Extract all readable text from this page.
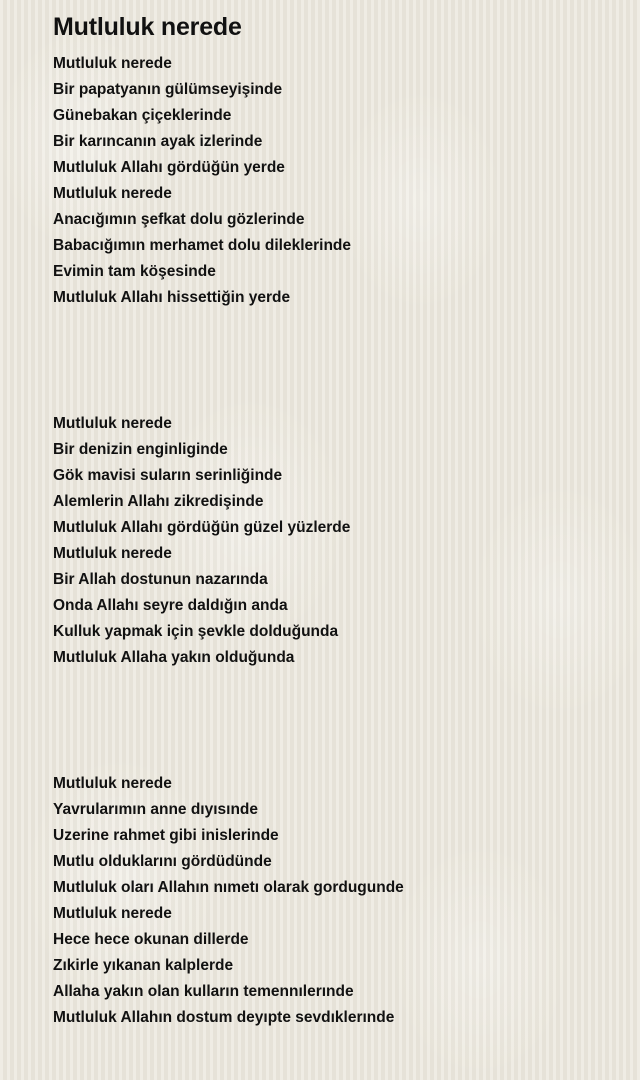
Mutluluk nerede
Mutluluk nerede
Bir papatyanın gülümseyişinde
Günebakan çiçeklerinde
Bir karıncanın ayak izlerinde
Mutluluk Allahı gördüğün yerde
Mutluluk nerede
Anacığımın şefkat dolu gözlerinde
Babacığımın merhamet dolu dileklerinde
Evimin tam köşesinde
Mutluluk Allahı hissettiğin yerde
Mutluluk nerede
Bir denizin enginliginde
Gök mavisi suların serinliğinde
Alemlerin Allahı zikredişinde
Mutluluk Allahı gördüğün güzel yüzlerde
Mutluluk nerede
Bir Allah dostunun nazarında
Onda Allahı seyre daldığın anda
Kulluk yapmak için şevkle dolduğunda
Mutluluk Allaha yakın olduğunda
Mutluluk nerede
Yavrularımın anne dıyısınde
Uzerine rahmet gibi inislerinde
Mutlu olduklarını gördüdünde
Mutluluk oları Allahın nımetı olarak gordugunde
Mutluluk nerede
Hece hece okunan dillerde
Zıkirle yıkanan kalplerde
Allaha yakın olan kulların temennılerınde
Mutluluk Allahın dostum deyıpte sevdıklerınde
